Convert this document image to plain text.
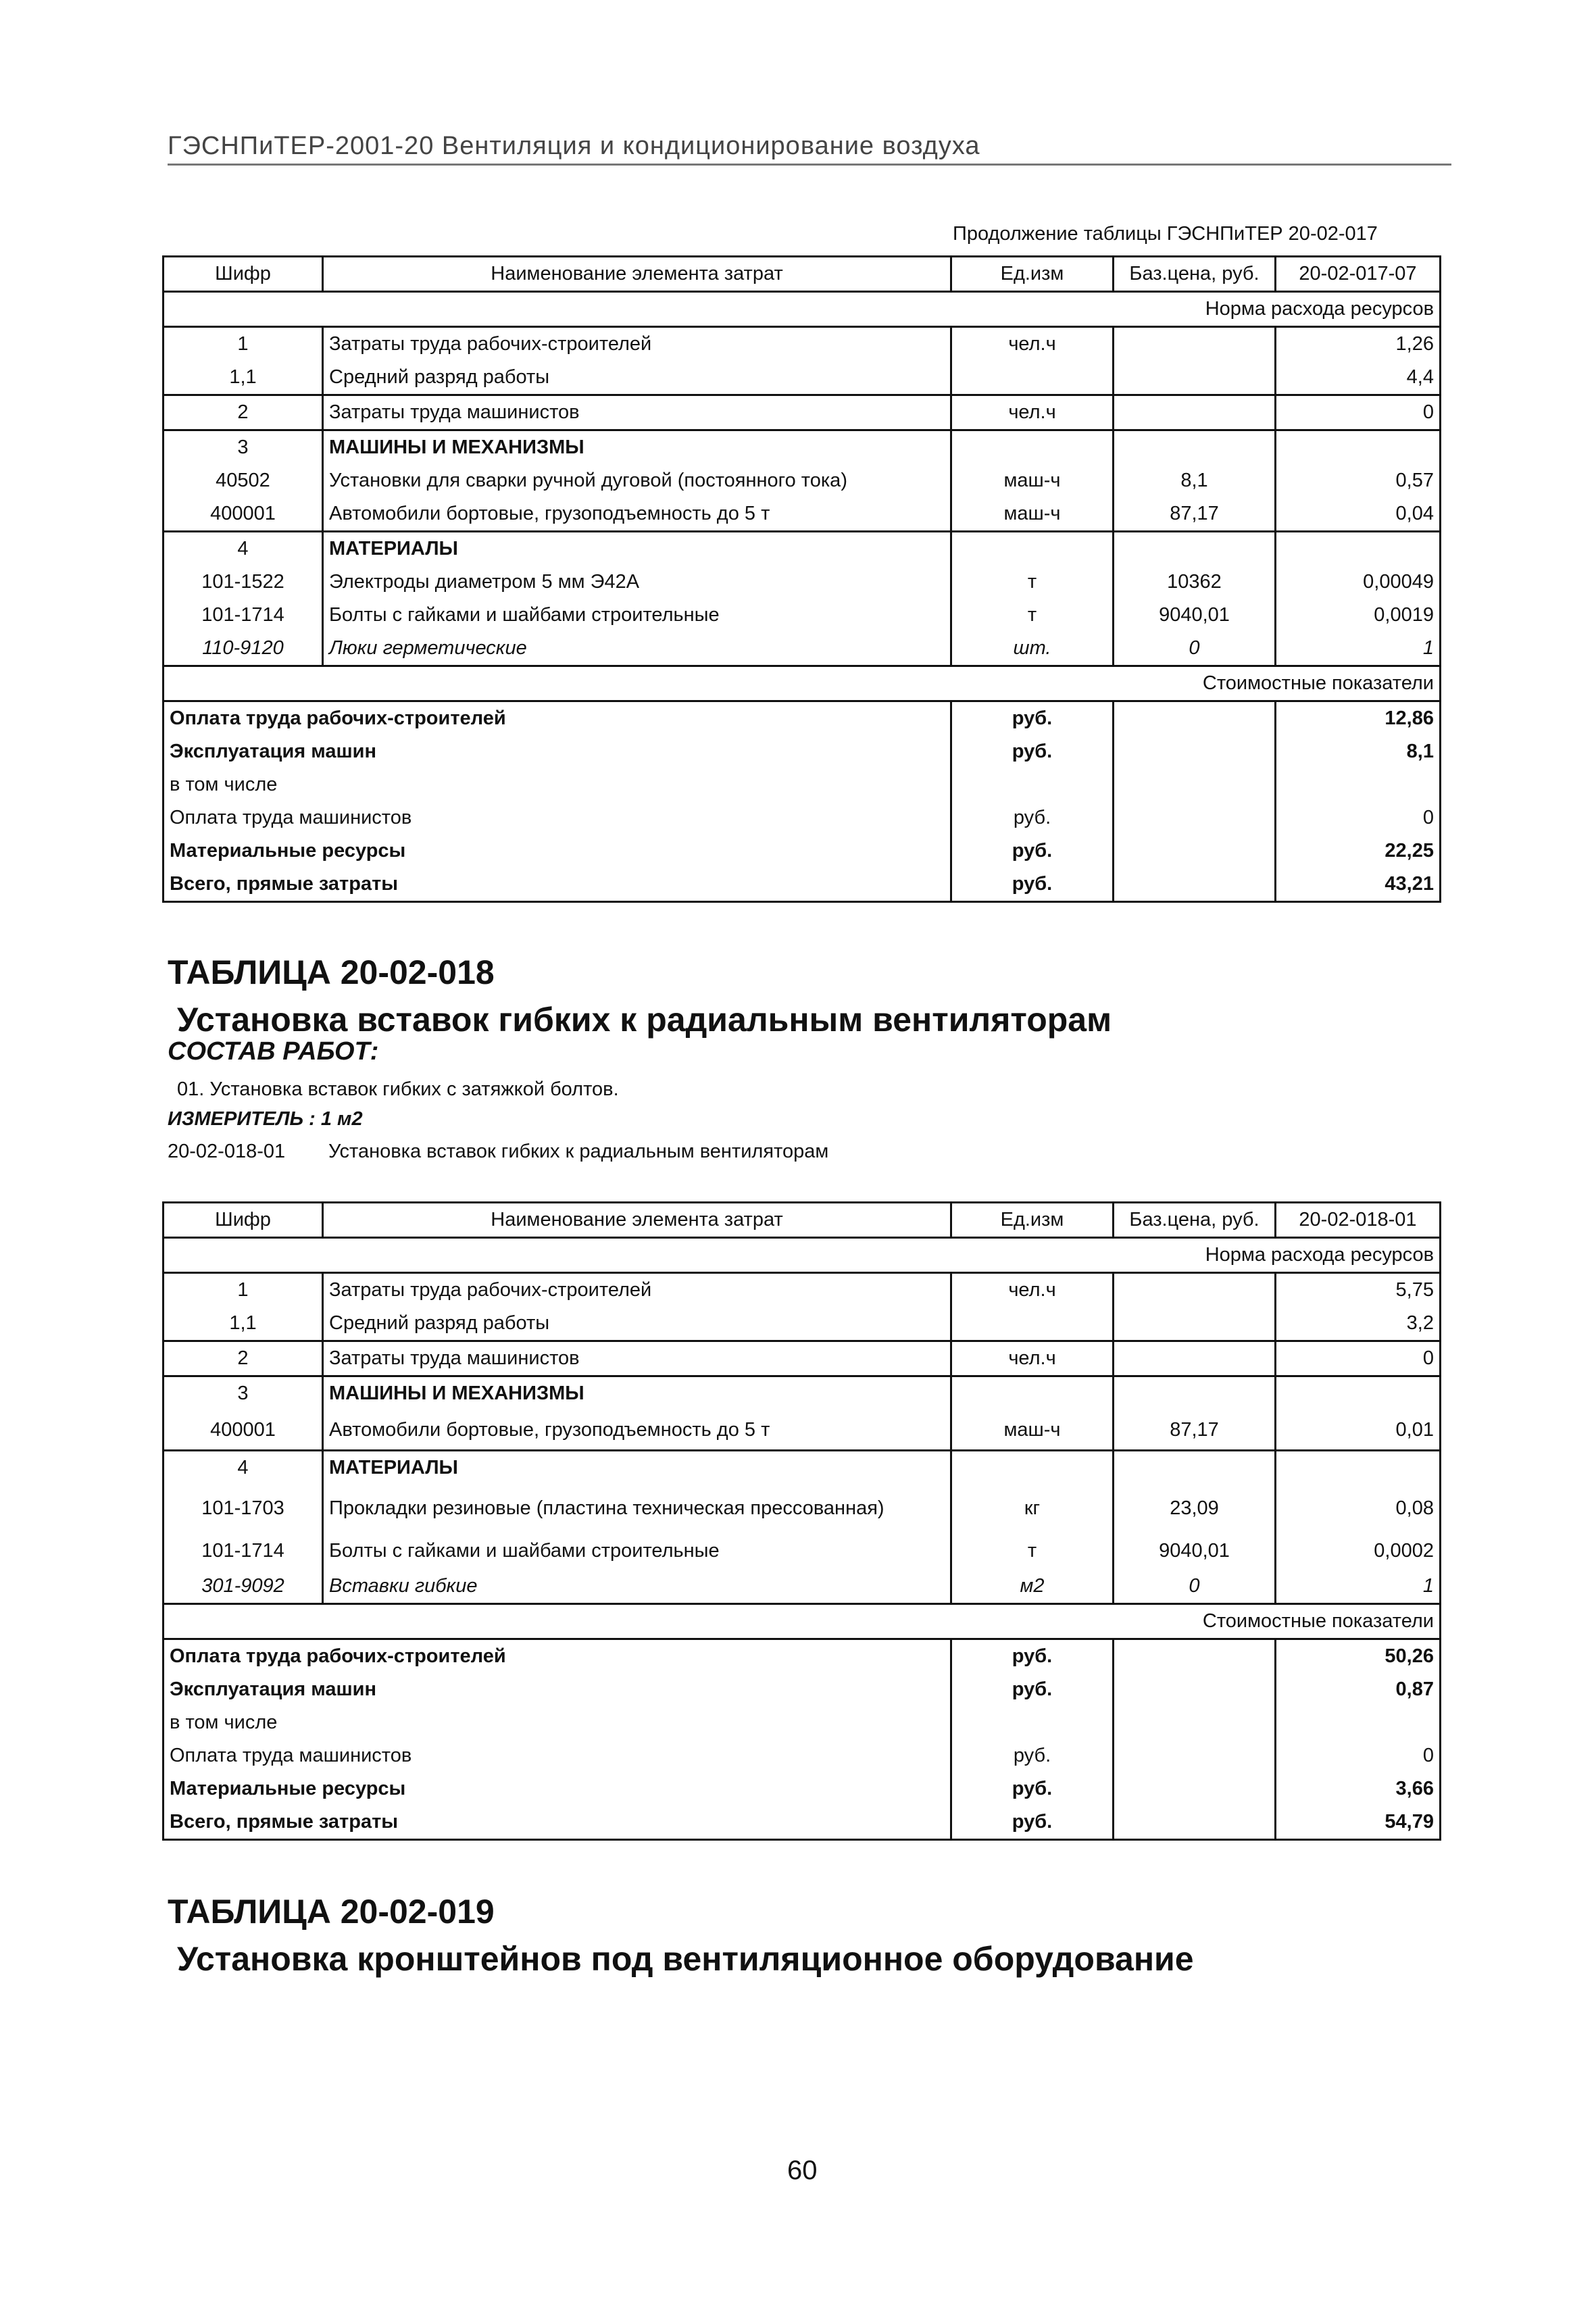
ГЭСНПиТЕР-2001-20 Вентиляция и кондиционирование воздуха
Продолжение таблицы ГЭСНПиТЕР 20-02-017
Шифр	Наименование элемента затрат	Ед.изм	Баз.цена, руб.	20-02-017-07
Норма расхода ресурсов				
1	Затраты труда рабочих-строителей	чел.ч		1,26
1,1	Средний разряд работы			4,4
2	Затраты труда машинистов	чел.ч		0
3	МАШИНЫ И МЕХАНИЗМЫ			
40502	Установки для сварки ручной дуговой (постоянного тока)	маш-ч	8,1	0,57
400001	Автомобили бортовые, грузоподъемность до 5 т	маш-ч	87,17	0,04
4	МАТЕРИАЛЫ			
101-1522	Электроды диаметром 5 мм Э42А	т	10362	0,00049
101-1714	Болты с гайками и шайбами строительные	т	9040,01	0,0019
110-9120	Люки герметические	шт.	0	1
Стоимостные показатели				
Оплата труда рабочих-строителей		руб.		12,86
Эксплуатация машин		руб.		8,1
в том числе				
Оплата труда машинистов		руб.		0
Материальные ресурсы		руб.		22,25
Всего, прямые затраты		руб.		43,21
ТАБЛИЦА 20-02-018
Установка вставок гибких к радиальным вентиляторам
СОСТАВ РАБОТ:
01. Установка вставок гибких с затяжкой болтов.
ИЗМЕРИТЕЛЬ : 1 м2
20-02-018-01 Установка вставок гибких к радиальным вентиляторам
Шифр	Наименование элемента затрат	Ед.изм	Баз.цена, руб.	20-02-018-01
Норма расхода ресурсов				
1	Затраты труда рабочих-строителей	чел.ч		5,75
1,1	Средний разряд работы			3,2
2	Затраты труда машинистов	чел.ч		0
3	МАШИНЫ И МЕХАНИЗМЫ			
400001	Автомобили бортовые, грузоподъемность до 5 т	маш-ч	87,17	0,01
4	МАТЕРИАЛЫ			
101-1703	Прокладки резиновые (пластина техническая прессованная)	кг	23,09	0,08
101-1714	Болты с гайками и шайбами строительные	т	9040,01	0,0002
301-9092	Вставки гибкие	м2	0	1
Стоимостные показатели				
Оплата труда рабочих-строителей		руб.		50,26
Эксплуатация машин		руб.		0,87
в том числе				
Оплата труда машинистов		руб.		0
Материальные ресурсы		руб.		3,66
Всего, прямые затраты		руб.		54,79
ТАБЛИЦА 20-02-019
Установка кронштейнов под вентиляционное оборудование
60
